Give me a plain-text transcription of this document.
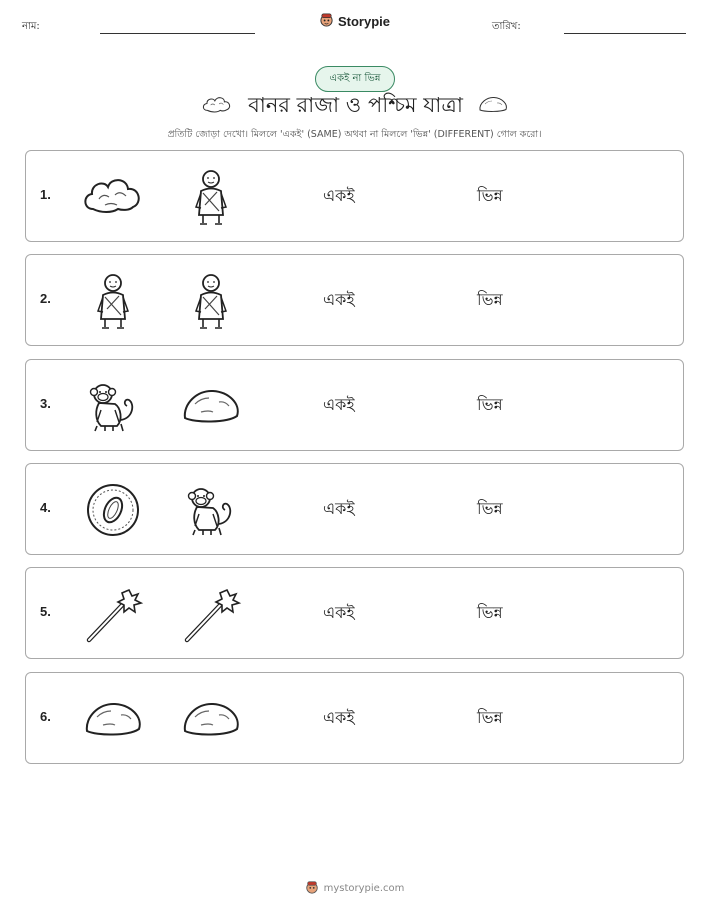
নাম:	Storypie	তারিখ:
একই না ভিন্ন
বানর রাজা ও পশ্চিম যাত্রা
প্রতিটি জোড়া দেখো। মিললে 'একই' (SAME) অথবা না মিললে 'ভিন্ন' (DIFFERENT) গোল করো।
1.	একই	ভিন্ন
2.	একই	ভিন্ন
3.	একই	ভিন্ন
4.	একই	ভিন্ন
5.	একই	ভিন্ন
6.	একই	ভিন্ন
mystorypie.com
